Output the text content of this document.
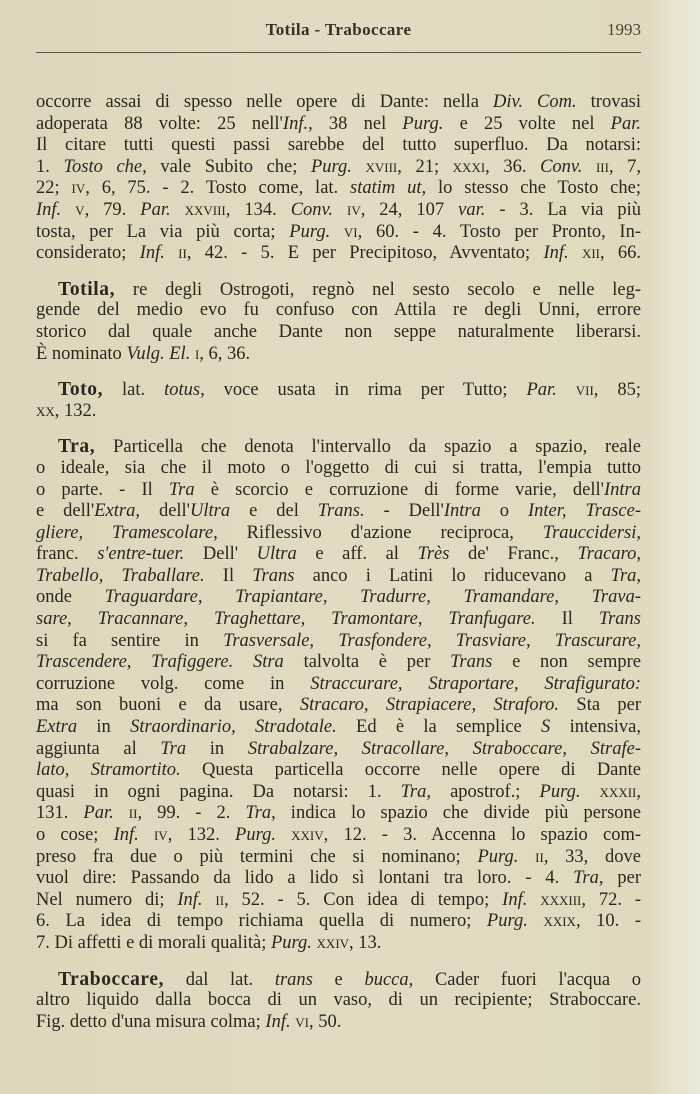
Totila - Traboccare	1993
occorre assai di spesso nelle opere di Dante: nella Div. Com. trovasi
adoperata 88 volte: 25 nell'Inf., 38 nel Purg. e 25 volte nel Par.
Il citare tutti questi passi sarebbe del tutto superfluo. Da notarsi:
1. Tosto che, vale Subito che; Purg. xviii, 21; xxxi, 36. Conv. iii, 7,
22; iv, 6, 75. - 2. Tosto come, lat. statim ut, lo stesso che Tosto che;
Inf. v, 79. Par. xxviii, 134. Conv. iv, 24, 107 var. - 3. La via più
tosta, per La via più corta; Purg. vi, 60. - 4. Tosto per Pronto, In-
considerato; Inf. ii, 42. - 5. E per Precipitoso, Avventato; Inf. xii, 66.
Totila, re degli Ostrogoti, regnò nel sesto secolo e nelle leg-
gende del medio evo fu confuso con Attila re degli Unni, errore
storico dal quale anche Dante non seppe naturalmente liberarsi.
È nominato Vulg. El. i, 6, 36.
Toto, lat. totus, voce usata in rima per Tutto; Par. vii, 85;
xx, 132.
Tra, Particella che denota l'intervallo da spazio a spazio, reale
o ideale, sia che il moto o l'oggetto di cui si tratta, l'empia tutto
o parte. - Il Tra è scorcio e corruzione di forme varie, dell'Intra
e dell'Extra, dell'Ultra e del Trans. - Dell'Intra o Inter, Trasce-
gliere, Tramescolare, Riflessivo d'azione reciproca, Trauccidersi,
franc. s'entre-tuer. Dell' Ultra e aff. al Très de' Franc., Tracaro,
Trabello, Traballare. Il Trans anco i Latini lo riducevano a Tra,
onde Traguardare, Trapiantare, Tradurre, Tramandare, Trava-
sare, Tracannare, Traghettare, Tramontare, Tranfugare. Il Trans
si fa sentire in Trasversale, Trasfondere, Trasviare, Trascurare,
Trascendere, Trafiggere. Stra talvolta è per Trans e non sempre
corruzione volg. come in Straccurare, Straportare, Strafigurato:
ma son buoni e da usare, Stracaro, Strapiacere, Straforo. Sta per
Extra in Straordinario, Stradotale. Ed è la semplice S intensiva,
aggiunta al Tra in Strabalzare, Stracollare, Straboccare, Strafe-
lato, Stramortito. Questa particella occorre nelle opere di Dante
quasi in ogni pagina. Da notarsi: 1. Tra, apostrof.; Purg. xxxii,
131. Par. ii, 99. - 2. Tra, indica lo spazio che divide più persone
o cose; Inf. iv, 132. Purg. xxiv, 12. - 3. Accenna lo spazio com-
preso fra due o più termini che si nominano; Purg. ii, 33, dove
vuol dire: Passando da lido a lido sì lontani tra loro. - 4. Tra, per
Nel numero di; Inf. ii, 52. - 5. Con idea di tempo; Inf. xxxiii, 72. -
6. La idea di tempo richiama quella di numero; Purg. xxix, 10. -
7. Di affetti e di morali qualità; Purg. xxiv, 13.
Traboccare, dal lat. trans e bucca, Cader fuori l'acqua o
altro liquido dalla bocca di un vaso, di un recipiente; Straboccare.
Fig. detto d'una misura colma; Inf. vi, 50.
